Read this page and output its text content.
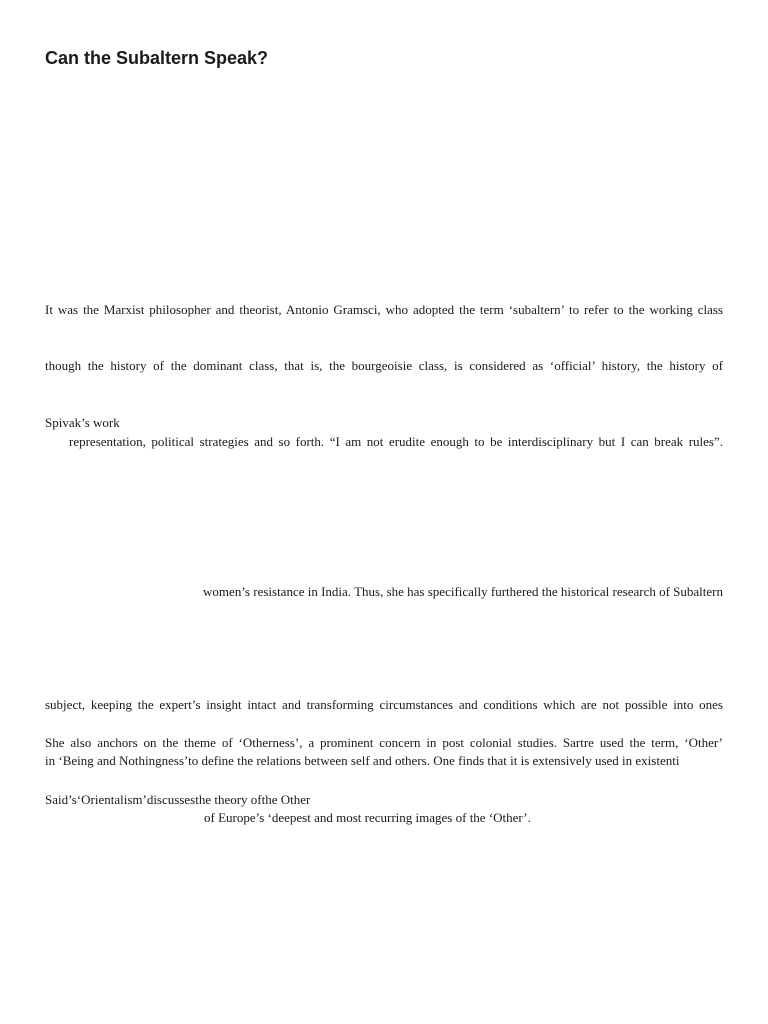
Can the Subaltern Speak?
It was the Marxist philosopher and theorist, Antonio Gramsci, who adopted the term ‘subaltern’ to refer to the working class
though the history of the dominant class, that is, the bourgeoisie class, is considered as ‘official’ history, the history of
Spivak’s work
representation, political strategies and so forth. “I am not erudite enough to be interdisciplinary but I can break rules”.
women’s resistance in India. Thus, she has specifically furthered the historical research of Subaltern
subject, keeping the expert’s insight intact and transforming circumstances and conditions which are not possible into ones
She also anchors on the theme of ‘Otherness’, a prominent concern in post colonial studies. Sartre used the term, ‘Other’
in ‘Being and Nothingness’to define the relations between self and others. One finds that it is extensively used in existenti
Said’s‘Orientalism’discussesthe theory ofthe Other
of Europe’s ‘deepest and most recurring images of the ‘Other’.
